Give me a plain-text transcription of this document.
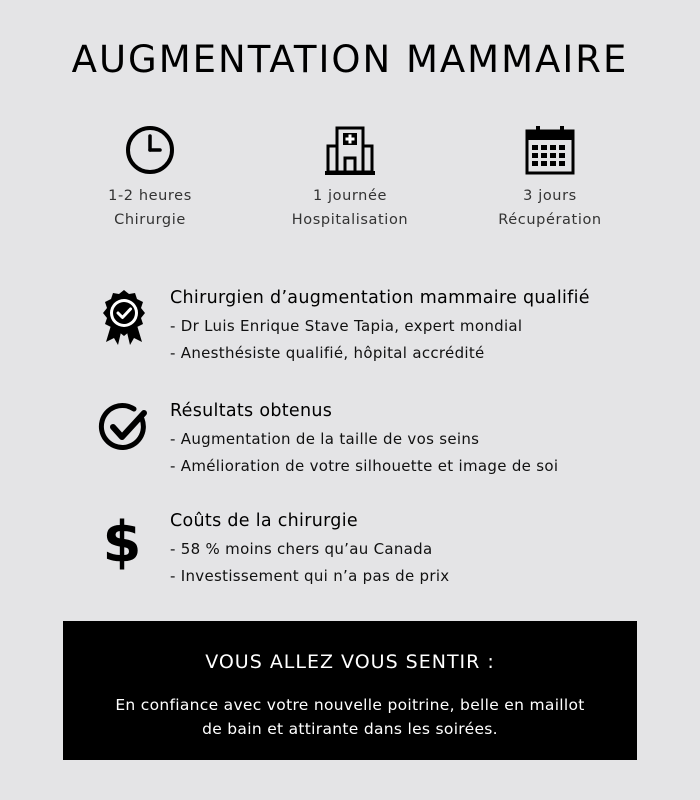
AUGMENTATION MAMMAIRE
1-2 heures
Chirurgie
1 journée
Hospitalisation
3 jours
Récupération
Chirurgien d’augmentation mammaire qualifié
- Dr Luis Enrique Stave Tapia, expert mondial
- Anesthésiste qualifié, hôpital accrédité
Résultats obtenus
- Augmentation de la taille de vos seins
- Amélioration de votre silhouette et image de soi
$ Coûts de la chirurgie
- 58 % moins chers qu’au Canada
- Investissement qui n’a pas de prix
VOUS ALLEZ VOUS SENTIR :
En confiance avec votre nouvelle poitrine, belle en maillot de bain et attirante dans les soirées.
